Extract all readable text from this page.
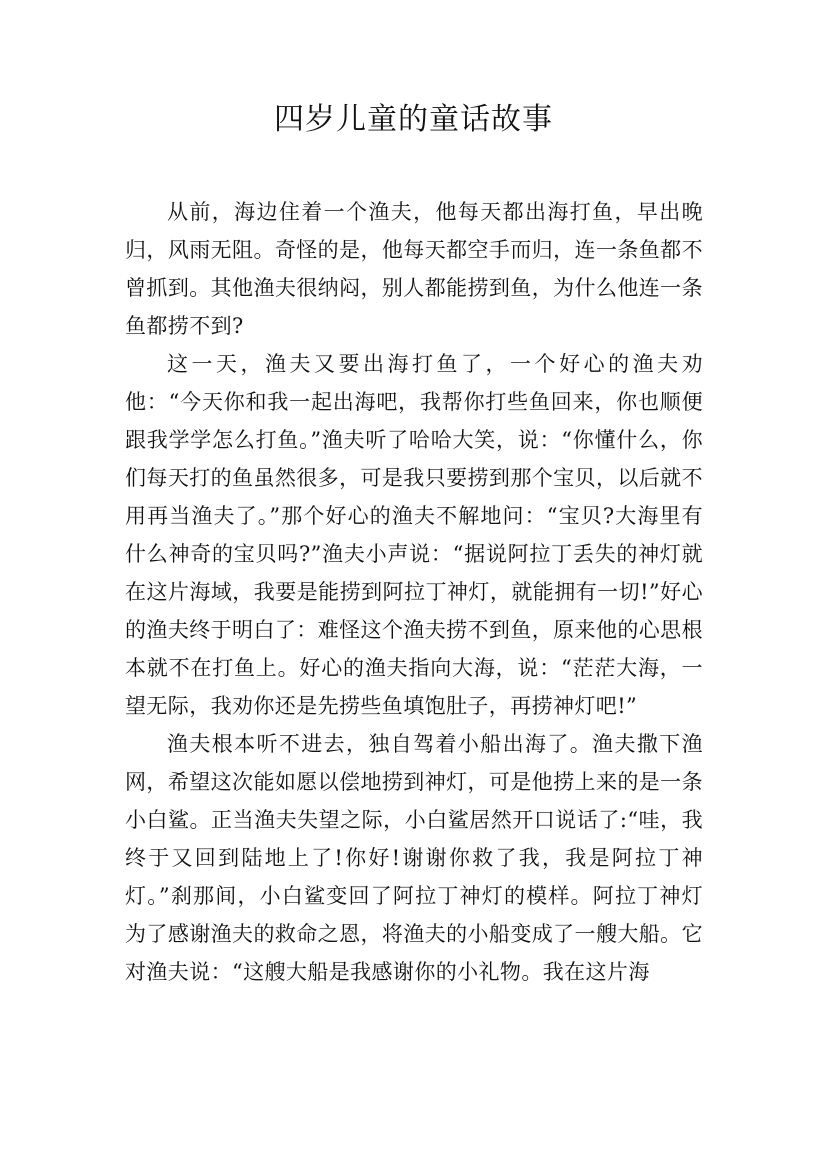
四岁儿童的童话故事

从前，海边住着一个渔夫，他每天都出海打鱼，早出晚归，风雨无阻。奇怪的是，他每天都空手而归，连一条鱼都不曾抓到。其他渔夫很纳闷，别人都能捞到鱼，为什么他连一条鱼都捞不到?

这一天，渔夫又要出海打鱼了，一个好心的渔夫劝他：“今天你和我一起出海吧，我帮你打些鱼回来，你也顺便跟我学学怎么打鱼。”渔夫听了哈哈大笑，说：“你懂什么，你们每天打的鱼虽然很多，可是我只要捞到那个宝贝，以后就不用再当渔夫了。”那个好心的渔夫不解地问：“宝贝?大海里有什么神奇的宝贝吗?”渔夫小声说：“据说阿拉丁丢失的神灯就在这片海域，我要是能捞到阿拉丁神灯，就能拥有一切!”好心的渔夫终于明白了：难怪这个渔夫捞不到鱼，原来他的心思根本就不在打鱼上。好心的渔夫指向大海，说：“茫茫大海，一望无际，我劝你还是先捞些鱼填饱肚子，再捞神灯吧!”

渔夫根本听不进去，独自驾着小船出海了。渔夫撒下渔网，希望这次能如愿以偿地捞到神灯，可是他捞上来的是一条小白鲨。正当渔夫失望之际，小白鲨居然开口说话了:“哇，我终于又回到陆地上了!你好!谢谢你救了我，我是阿拉丁神灯。”刹那间，小白鲨变回了阿拉丁神灯的模样。阿拉丁神灯为了感谢渔夫的救命之恩，将渔夫的小船变成了一艘大船。它对渔夫说：“这艘大船是我感谢你的小礼物。我在这片海
